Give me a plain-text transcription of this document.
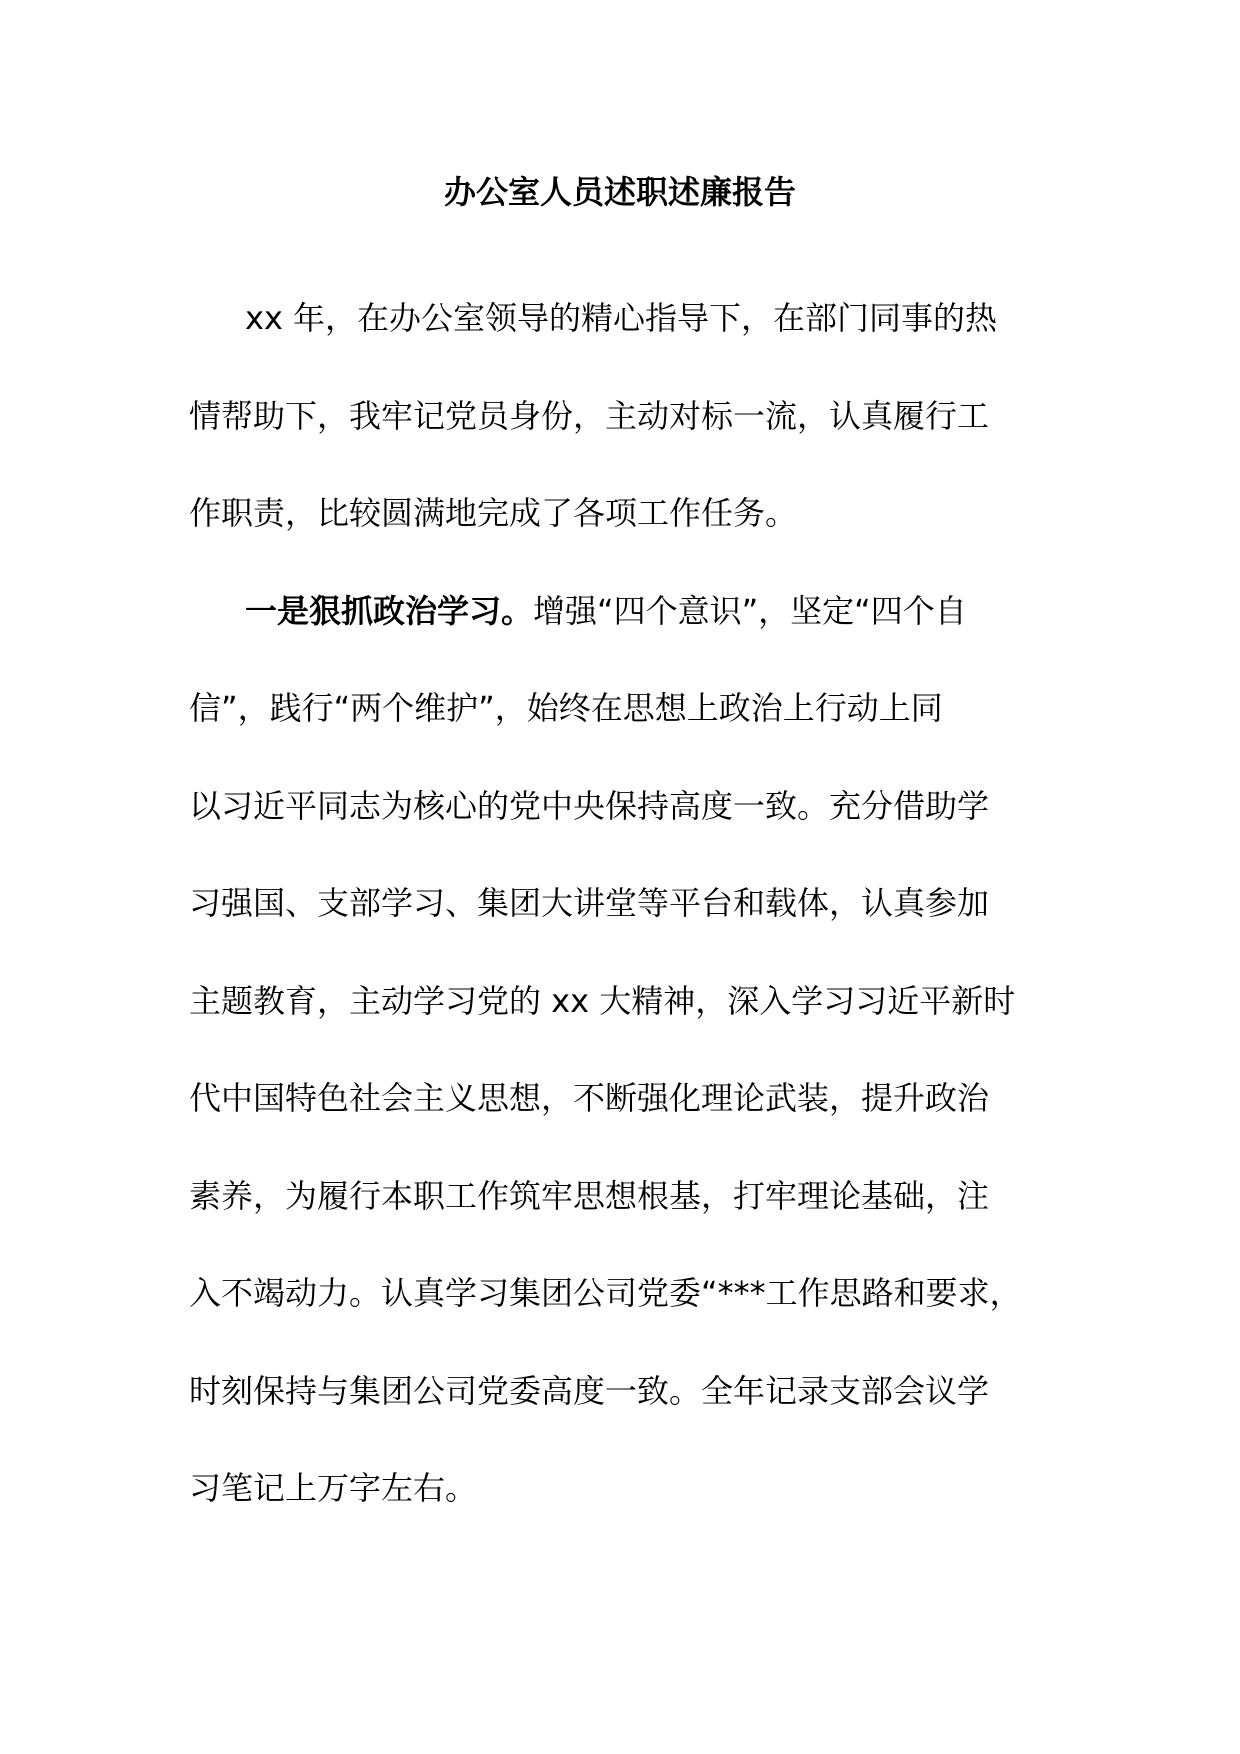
办公室人员述职述廉报告
xx 年，在办公室领导的精心指导下，在部门同事的热
情帮助下，我牢记党员身份，主动对标一流，认真履行工
作职责，比较圆满地完成了各项工作任务。
一是狠抓政治学习。增强“四个意识”，坚定“四个自
信”，践行“两个维护”，始终在思想上政治上行动上同
以习近平同志为核心的党中央保持高度一致。充分借助学
习强国、支部学习、集团大讲堂等平台和载体，认真参加
主题教育，主动学习党的 xx 大精神，深入学习习近平新时
代中国特色社会主义思想，不断强化理论武装，提升政治
素养，为履行本职工作筑牢思想根基，打牢理论基础，注
入不竭动力。认真学习集团公司党委“***工作思路和要求，
时刻保持与集团公司党委高度一致。全年记录支部会议学
习笔记上万字左右。
